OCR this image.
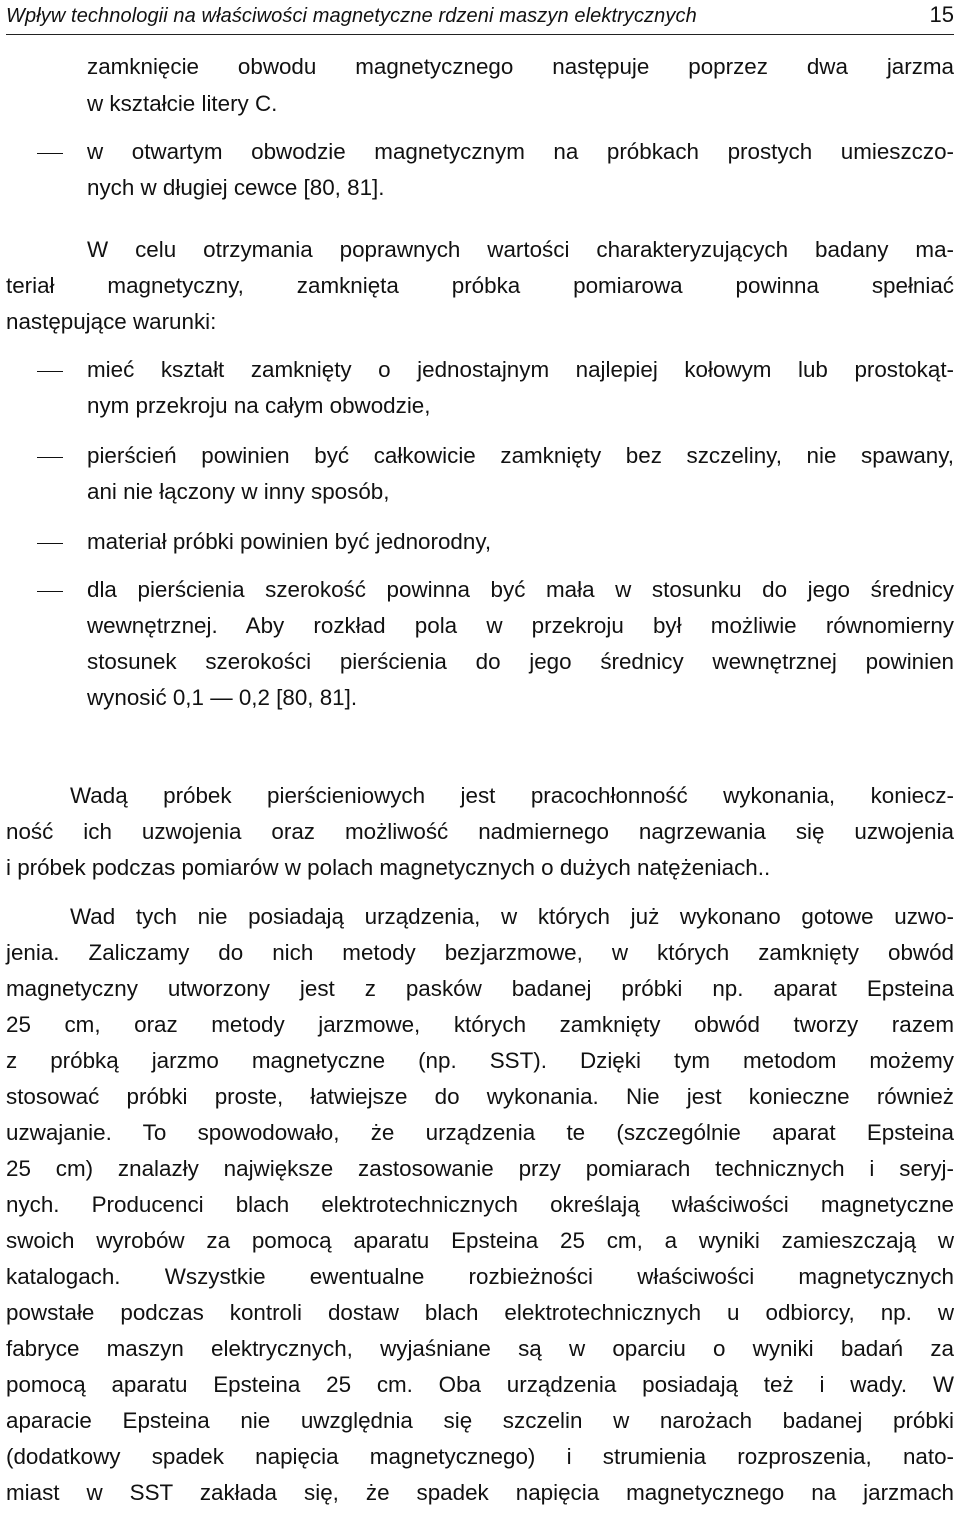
Wpływ technologii na właściwości magnetyczne rdzeni maszyn elektrycznych	15
zamknięcie obwodu magnetycznego następuje poprzez dwa jarzma
w kształcie litery C.
w otwartym obwodzie magnetycznym na próbkach prostych umieszczo-
nych w długiej cewce [80, 81].
W celu otrzymania poprawnych wartości charakteryzujących badany ma-
teriał magnetyczny, zamknięta próbka pomiarowa powinna spełniać
następujące warunki:
mieć kształt zamknięty o jednostajnym najlepiej kołowym lub prostokąt-
nym przekroju na całym obwodzie,
pierścień powinien być całkowicie zamknięty bez szczeliny, nie spawany,
ani nie łączony w inny sposób,
materiał próbki powinien być jednorodny,
dla pierścienia szerokość powinna być mała w stosunku do jego średnicy
wewnętrznej. Aby rozkład pola w przekroju był możliwie równomierny
stosunek szerokości pierścienia do jego średnicy wewnętrznej powinien
wynosić 0,1 — 0,2 [80, 81].
Wadą próbek pierścieniowych jest pracochłonność wykonania, koniecz-
ność ich uzwojenia oraz możliwość nadmiernego nagrzewania się uzwojenia
i próbek podczas pomiarów w polach magnetycznych o dużych natężeniach..
Wad tych nie posiadają urządzenia, w których już wykonano gotowe uzwo-
jenia. Zaliczamy do nich metody bezjarzmowe, w których zamknięty obwód
magnetyczny utworzony jest z pasków badanej próbki np. aparat Epsteina
25 cm, oraz metody jarzmowe, których zamknięty obwód tworzy razem
z próbką jarzmo magnetyczne (np. SST). Dzięki tym metodom możemy
stosować próbki proste, łatwiejsze do wykonania. Nie jest konieczne również
uzwajanie. To spowodowało, że urządzenia te (szczególnie aparat Epsteina
25 cm) znalazły największe zastosowanie przy pomiarach technicznych i seryj-
nych. Producenci blach elektrotechnicznych określają właściwości magnetyczne
swoich wyrobów za pomocą aparatu Epsteina 25 cm, a wyniki zamieszczają w
katalogach. Wszystkie ewentualne rozbieżności właściwości magnetycznych
powstałe podczas kontroli dostaw blach elektrotechnicznych u odbiorcy, np. w
fabryce maszyn elektrycznych, wyjaśniane są w oparciu o wyniki badań za
pomocą aparatu Epsteina 25 cm. Oba urządzenia posiadają też i wady. W
aparacie Epsteina nie uwzględnia się szczelin w narożach badanej próbki
(dodatkowy spadek napięcia magnetycznego) i strumienia rozproszenia, nato-
miast w SST zakłada się, że spadek napięcia magnetycznego na jarzmach
